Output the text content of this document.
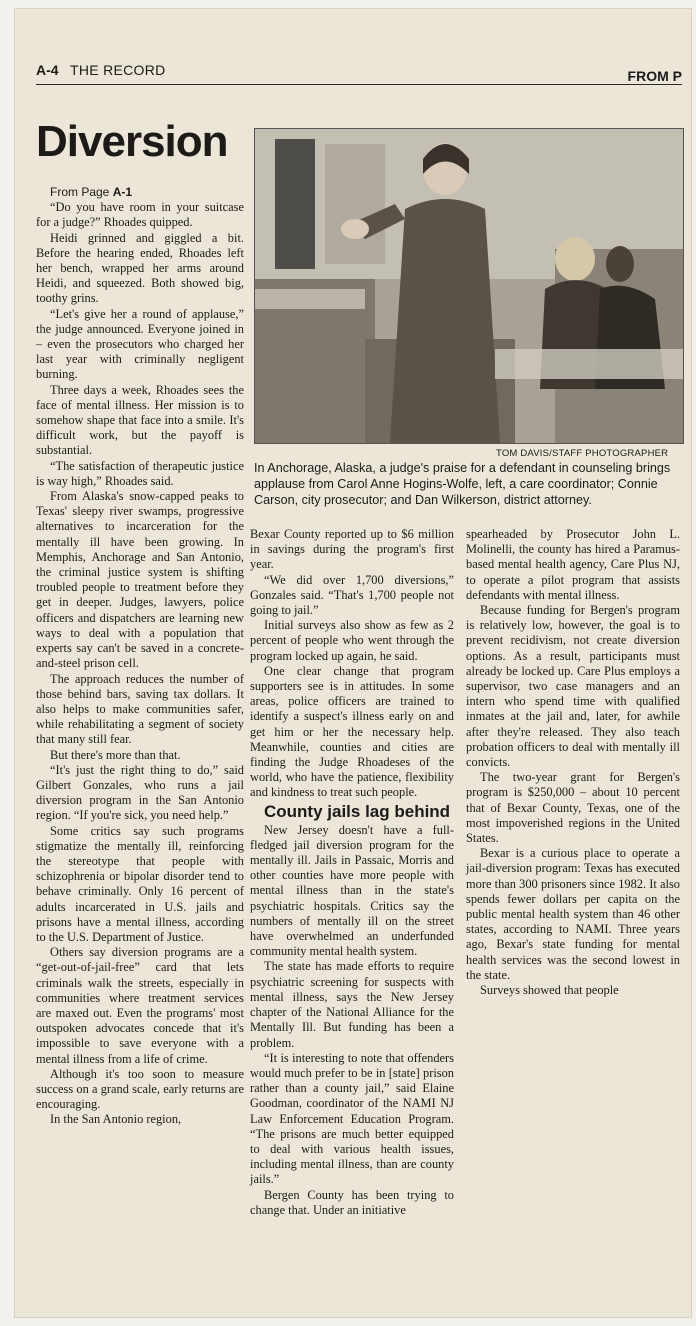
A-4 THE RECORD	FROM P
Diversion
TOM DAVIS/STAFF PHOTOGRAPHER
In Anchorage, Alaska, a judge's praise for a defendant in counseling brings applause from Carol Anne Hogins-Wolfe, left, a care coordinator; Connie Carson, city prosecutor; and Dan Wilkerson, district attorney.

From Page A-1

“Do you have room in your suitcase for a judge?” Rhoades quipped.

Heidi grinned and giggled a bit. Before the hearing ended, Rhoades left her bench, wrapped her arms around Heidi, and squeezed. Both showed big, toothy grins.

“Let's give her a round of applause,” the judge announced. Everyone joined in – even the prosecutors who charged her last year with criminally negligent burning.

Three days a week, Rhoades sees the face of mental illness. Her mission is to somehow shape that face into a smile. It's difficult work, but the payoff is substantial.

“The satisfaction of therapeutic justice is way high,” Rhoades said.

From Alaska's snow-capped peaks to Texas' sleepy river swamps, progressive alternatives to incarceration for the mentally ill have been growing. In Memphis, Anchorage and San Antonio, the criminal justice system is shifting troubled people to treatment before they get in deeper. Judges, lawyers, police officers and dispatchers are learning new ways to deal with a population that experts say can't be saved in a concrete-and-steel prison cell.

The approach reduces the number of those behind bars, saving tax dollars. It also helps to make communities safer, while rehabilitating a segment of society that many still fear.

But there's more than that.

“It's just the right thing to do,” said Gilbert Gonzales, who runs a jail diversion program in the San Antonio region. “If you're sick, you need help.”

Some critics say such programs stigmatize the mentally ill, reinforcing the stereotype that people with schizophrenia or bipolar disorder tend to behave criminally. Only 16 percent of adults incarcerated in U.S. jails and prisons have a mental illness, according to the U.S. Department of Justice.

Others say diversion programs are a “get-out-of-jail-free” card that lets criminals walk the streets, especially in communities where treatment services are maxed out. Even the programs' most outspoken advocates concede that it's impossible to save everyone with a mental illness from a life of crime.

Although it's too soon to measure success on a grand scale, early returns are encouraging.

In the San Antonio region,

Bexar County reported up to $6 million in savings during the program's first year.

“We did over 1,700 diversions,” Gonzales said. “That's 1,700 people not going to jail.”

Initial surveys also show as few as 2 percent of people who went through the program locked up again, he said.

One clear change that program supporters see is in attitudes. In some areas, police officers are trained to identify a suspect's illness early on and get him or her the necessary help. Meanwhile, counties and cities are finding the Judge Rhoadeses of the world, who have the patience, flexibility and kindness to treat such people.

County jails lag behind

New Jersey doesn't have a full-fledged jail diversion program for the mentally ill. Jails in Passaic, Morris and other counties have more people with mental illness than in the state's psychiatric hospitals. Critics say the numbers of mentally ill on the street have overwhelmed an underfunded community mental health system.

The state has made efforts to require psychiatric screening for suspects with mental illness, says the New Jersey chapter of the National Alliance for the Mentally Ill. But funding has been a problem.

“It is interesting to note that offenders would much prefer to be in [state] prison rather than a county jail,” said Elaine Goodman, coordinator of the NAMI NJ Law Enforcement Education Program. “The prisons are much better equipped to deal with various health issues, including mental illness, than are county jails.”

Bergen County has been trying to change that. Under an initiative

spearheaded by Prosecutor John L. Molinelli, the county has hired a Paramus-based mental health agency, Care Plus NJ, to operate a pilot program that assists defendants with mental illness.

Because funding for Bergen's program is relatively low, however, the goal is to prevent recidivism, not create diversion options. As a result, participants must already be locked up. Care Plus employs a supervisor, two case managers and an intern who spend time with qualified inmates at the jail and, later, for awhile after they're released. They also teach probation officers to deal with mentally ill convicts.

The two-year grant for Bergen's program is $250,000 – about 10 percent that of Bexar County, Texas, one of the most impoverished regions in the United States.

Bexar is a curious place to operate a jail-diversion program: Texas has executed more than 300 prisoners since 1982. It also spends fewer dollars per capita on the public mental health system than 46 other states, according to NAMI. Three years ago, Bexar's state funding for mental health services was the second lowest in the state.

Surveys showed that people
